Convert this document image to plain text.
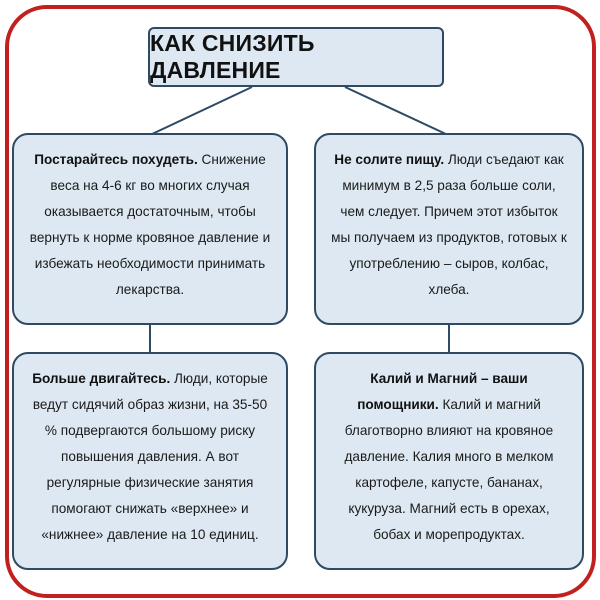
КАК СНИЗИТЬ ДАВЛЕНИЕ
Постарайтесь похудеть. Снижение веса на 4-6 кг во многих случая оказывается достаточным, чтобы вернуть к норме кровяное давление и избежать необходимости принимать лекарства.
Не солите пищу. Люди съедают как минимум в 2,5 раза больше соли, чем следует. Причем этот избыток мы получаем из продуктов, готовых к употреблению – сыров, колбас, хлеба.
Больше двигайтесь. Люди, которые ведут сидячий образ жизни, на 35-50 % подвергаются большому риску повышения давления. А вот регулярные физические занятия помогают снижать «верхнее» и «нижнее» давление на 10 единиц.
Калий и Магний – ваши помощники. Калий и магний благотворно влияют на кровяное давление. Калия много в мелком картофеле, капусте, бананах, кукуруза. Магний есть в орехах, бобах и морепродуктах.
